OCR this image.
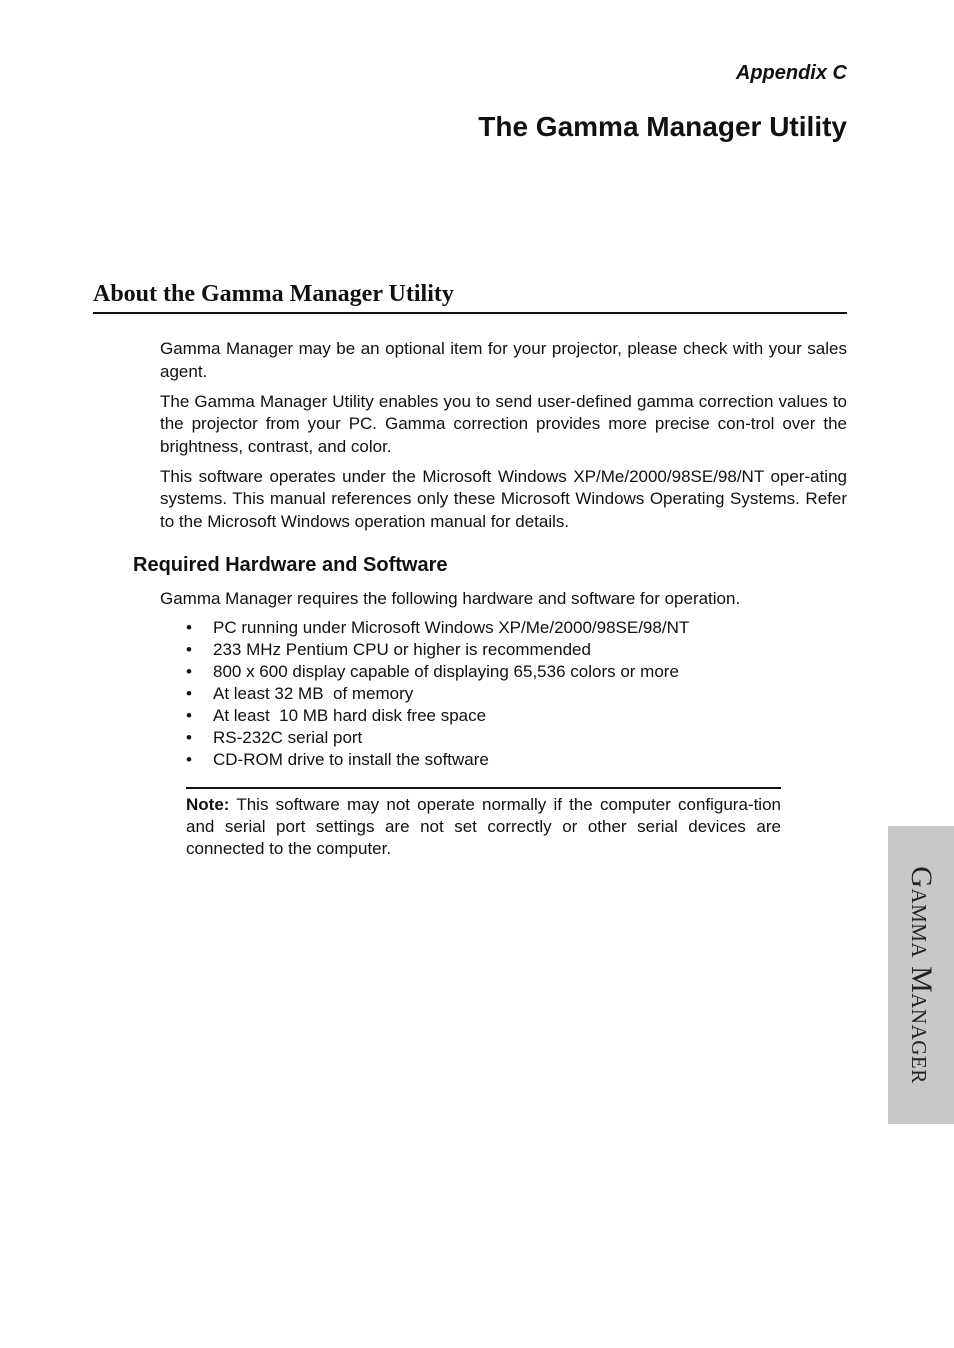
Appendix C
The Gamma Manager Utility
About the Gamma Manager Utility

Gamma Manager may be an optional item for your projector, please check with your sales agent.

The Gamma Manager Utility enables you to send user-defined gamma correction values to the projector from your PC. Gamma correction provides more precise con-trol over the brightness, contrast, and color.

This software operates under the Microsoft Windows XP/Me/2000/98SE/98/NT oper-ating systems. This manual references only these Microsoft Windows Operating Systems. Refer to the Microsoft Windows operation manual for details.

Required Hardware and Software

Gamma Manager requires the following hardware and software for operation.

• PC running under Microsoft Windows XP/Me/2000/98SE/98/NT
• 233 MHz Pentium CPU or higher is recommended
• 800 x 600 display capable of displaying 65,536 colors or more
• At least 32 MB  of memory
• At least  10 MB hard disk free space
• RS-232C serial port
• CD-ROM drive to install the software

Note: This software may not operate normally if the computer configura-tion and serial port settings are not set correctly or other serial devices are connected to the computer.

Gamma Manager
